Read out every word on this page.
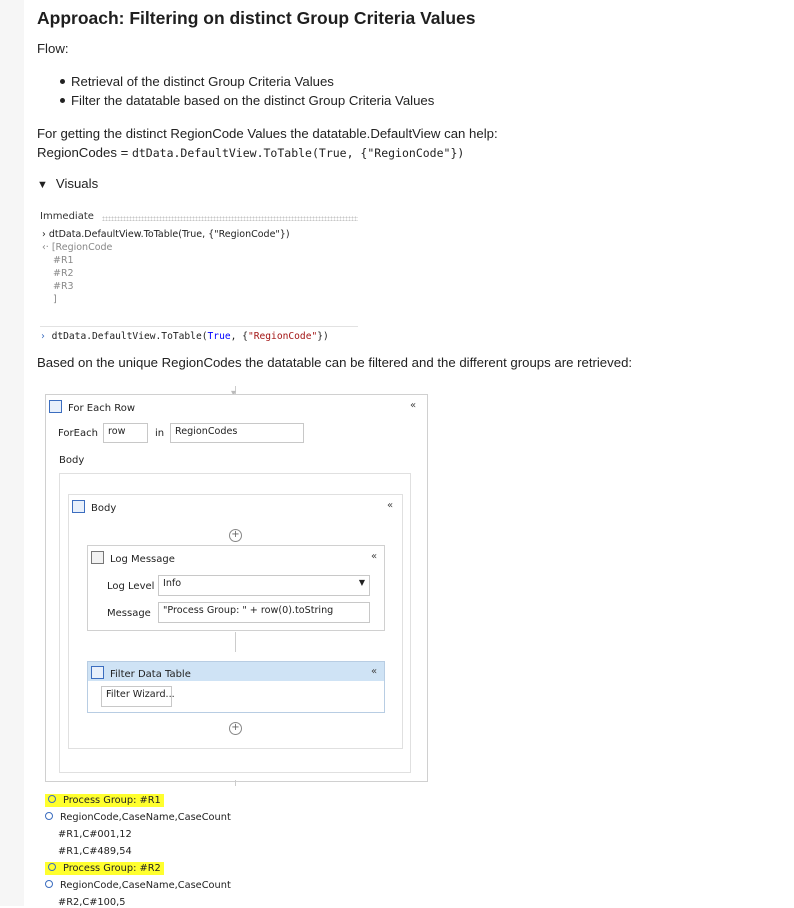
Approach: Filtering on distinct Group Criteria Values
Flow:
Retrieval of the distinct Group Criteria Values
Filter the datatable based on the distinct Group Criteria Values
For getting the distinct RegionCode Values the datatable.DefaultView can help:
RegionCodes = dtData.DefaultView.ToTable(True, {"RegionCode"})
▼ Visuals
Immediate
› dtData.DefaultView.ToTable(True, {"RegionCode"})
‹· [RegionCode
#R1
#R2
#R3
]
› dtData.DefaultView.ToTable(True, {"RegionCode"})
Based on the unique RegionCodes the datatable can be filtered and the different groups are retrieved:
For Each Row	«
ForEach	row	in	RegionCodes
Body
Body	«
+
Log Message	«
Log Level Info	▼
Message	"Process Group: " + row(0).toString
Filter Data Table	«
Filter Wizard...
+
Process Group: #R1
RegionCode,CaseName,CaseCount
#R1,C#001,12
#R1,C#489,54
Process Group: #R2
RegionCode,CaseName,CaseCount
#R2,C#100,5
